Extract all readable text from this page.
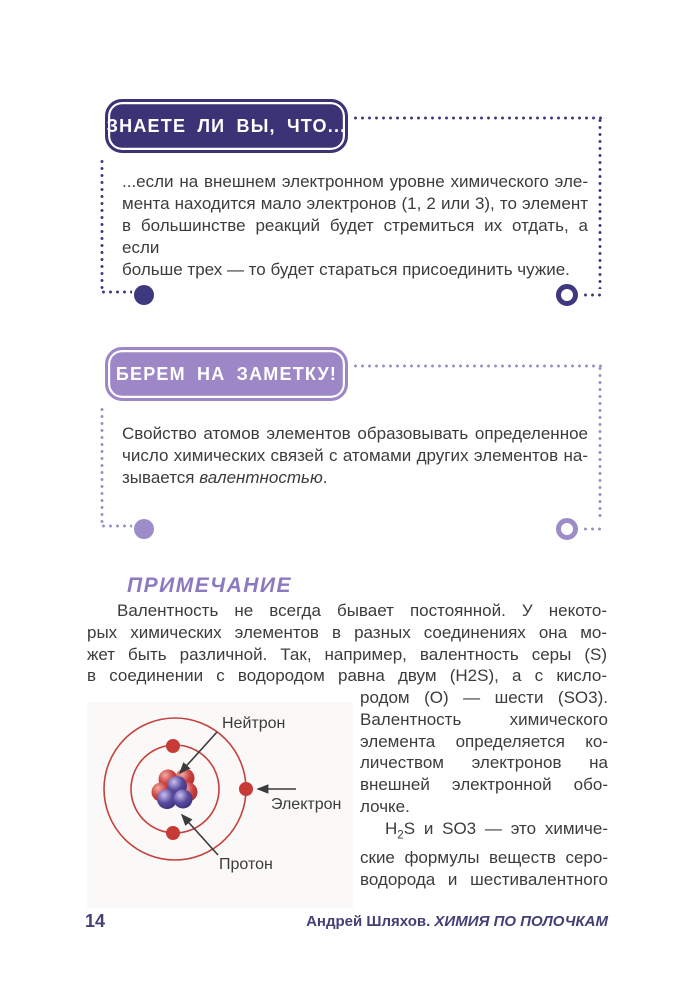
ЗНАЕТЕ ЛИ ВЫ, ЧТО...
...если на внешнем электронном уровне химического эле-
мента находится мало электронов (1, 2 или 3), то элемент
в большинстве реакций будет стремиться их отдать, а если
больше трех — то будет стараться присоединить чужие.
БЕРЕМ НА ЗАМЕТКУ!
Свойство атомов элементов образовывать определенное
число химических связей с атомами других элементов на-
зывается валентностью.
ПРИМЕЧАНИЕ
Валентность не всегда бывает постоянной. У некото-
рых химических элементов в разных соединениях она мо-
жет быть различной. Так, например, валентность серы (S)
в соединении с водородом равна двум (H2S), а с кисло-
Нейтрон
Электрон
Протон
родом (О) — шести (SO3).
Валентность химического
элемента определяется ко-
личеством электронов на
внешней электронной обо-
лочке.
$H_2S$ и SO3 — это химиче-
ские формулы веществ серо-
водорода и шестивалентного
14	Андрей Шляхов. ХИМИЯ ПО ПОЛОЧКАМ
